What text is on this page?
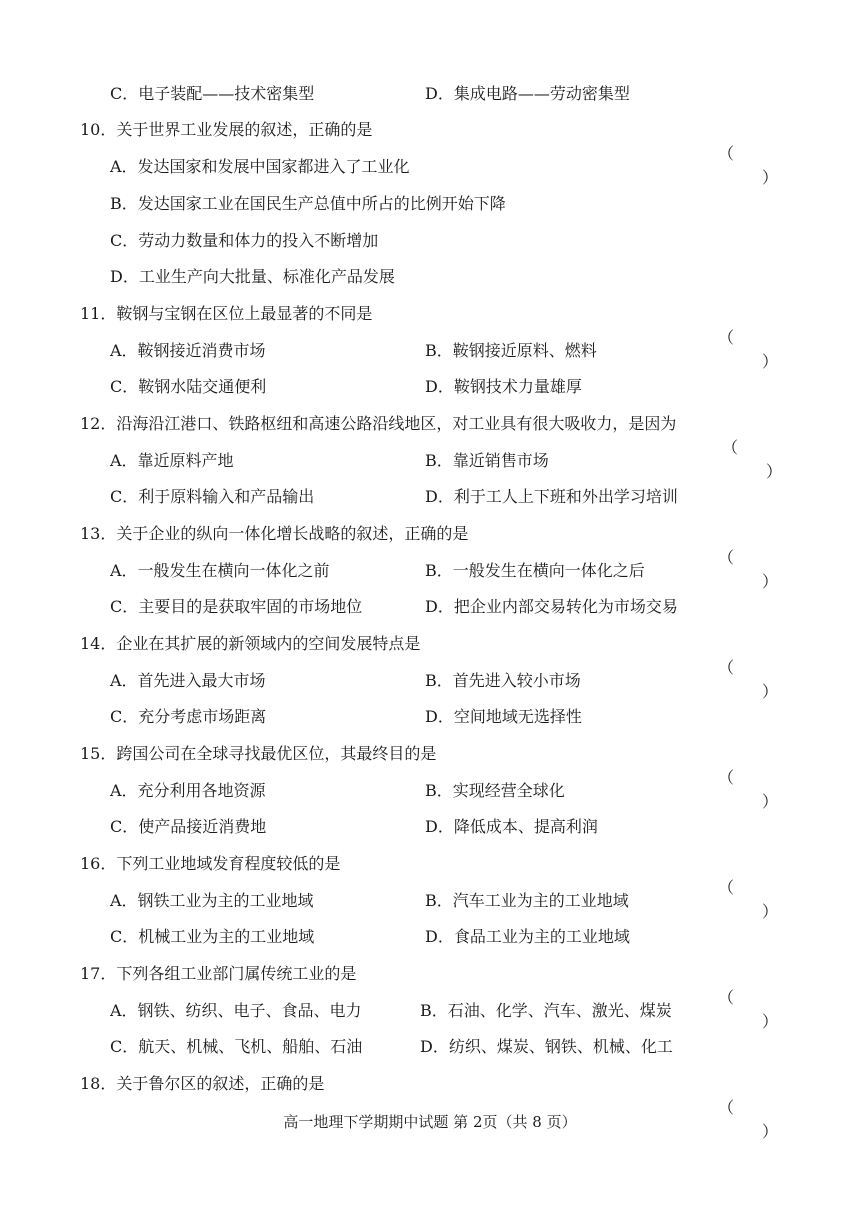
C．电子装配——技术密集型	D．集成电路——劳动密集型
10．关于世界工业发展的叙述，正确的是

（

）

A．发达国家和发展中国家都进入了工业化
B．发达国家工业在国民生产总值中所占的比例开始下降
C．劳动力数量和体力的投入不断增加
D．工业生产向大批量、标准化产品发展
11．鞍钢与宝钢在区位上最显著的不同是

（

）

A．鞍钢接近消费市场	B．鞍钢接近原料、燃料
C．鞍钢水陆交通便利	D．鞍钢技术力量雄厚
12．沿海沿江港口、铁路枢纽和高速公路沿线地区，对工业具有很大吸收力，是因为

（

）

A．靠近原料产地	B．靠近销售市场
C．利于原料输入和产品输出	D．利于工人上下班和外出学习培训
13．关于企业的纵向一体化增长战略的叙述，正确的是

（

）

A．一般发生在横向一体化之前	B．一般发生在横向一体化之后
C．主要目的是获取牢固的市场地位	D．把企业内部交易转化为市场交易
14．企业在其扩展的新领域内的空间发展特点是

（

）

A．首先进入最大市场	B．首先进入较小市场
C．充分考虑市场距离	D．空间地域无选择性
15．跨国公司在全球寻找最优区位，其最终目的是

（

）

A．充分利用各地资源	B．实现经营全球化
C．使产品接近消费地	D．降低成本、提高利润
16．下列工业地域发育程度较低的是

（

）

A．钢铁工业为主的工业地域	B．汽车工业为主的工业地域
C．机械工业为主的工业地域	D．食品工业为主的工业地域
17．下列各组工业部门属传统工业的是

（

）

A．钢铁、纺织、电子、食品、电力	B．石油、化学、汽车、激光、煤炭
C．航天、机械、飞机、船舶、石油	D．纺织、煤炭、钢铁、机械、化工
18．关于鲁尔区的叙述，正确的是

（

）

高一地理下学期期中试题 第 2页（共 8 页）
